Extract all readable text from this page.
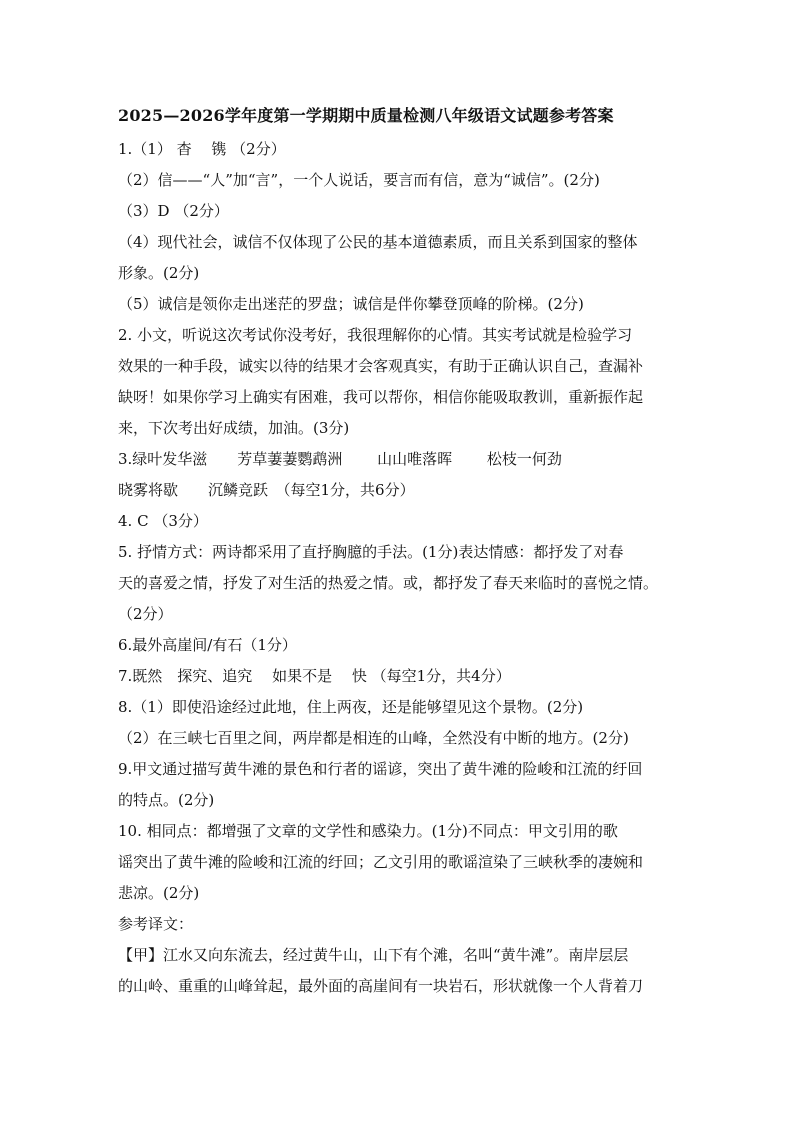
2025—2026学年度第一学期期中质量检测八年级语文试题参考答案

1.（1） 杳　 镌 （2分）

（2）信——“人”加“言”，一个人说话，要言而有信，意为“诚信”。(2分)

（3）D （2分）

（4）现代社会，诚信不仅体现了公民的基本道德素质，而且关系到国家的整体

形象。(2分)

（5）诚信是领你走出迷茫的罗盘；诚信是伴你攀登顶峰的阶梯。(2分)

2. 小文，听说这次考试你没考好，我很理解你的心情。其实考试就是检验学习

效果的一种手段，诚实以待的结果才会客观真实，有助于正确认识自己，查漏补

缺呀！如果你学习上确实有困难，我可以帮你，相信你能吸取教训，重新振作起

来，下次考出好成绩，加油。(3分)

3.绿叶发华滋　　芳草萋萋鹦鹉洲　　 山山唯落晖　　 松枝一何劲

晓雾将歇　　沉鳞竞跃　（每空1分，共6分）

4. C （3分）

5. 抒情方式：两诗都采用了直抒胸臆的手法。(1分)表达情感：都抒发了对春

天的喜爱之情，抒发了对生活的热爱之情。或，都抒发了春天来临时的喜悦之情。

（2分）

6.最外高崖间/有石（1分）

7.既然　探究、追究　 如果不是　 快 （每空1分，共4分）

8.（1）即使沿途经过此地，住上两夜，还是能够望见这个景物。(2分)

（2）在三峡七百里之间，两岸都是相连的山峰，全然没有中断的地方。(2分)

9.甲文通过描写黄牛滩的景色和行者的谣谚，突出了黄牛滩的险峻和江流的纡回

的特点。(2分)

10. 相同点：都增强了文章的文学性和感染力。(1分)不同点：甲文引用的歌

谣突出了黄牛滩的险峻和江流的纡回；乙文引用的歌谣渲染了三峡秋季的凄婉和

悲凉。(2分)

参考译文：

【甲】江水又向东流去，经过黄牛山，山下有个滩，名叫“黄牛滩”。南岸层层

的山岭、重重的山峰耸起，最外面的高崖间有一块岩石，形状就像一个人背着刀
